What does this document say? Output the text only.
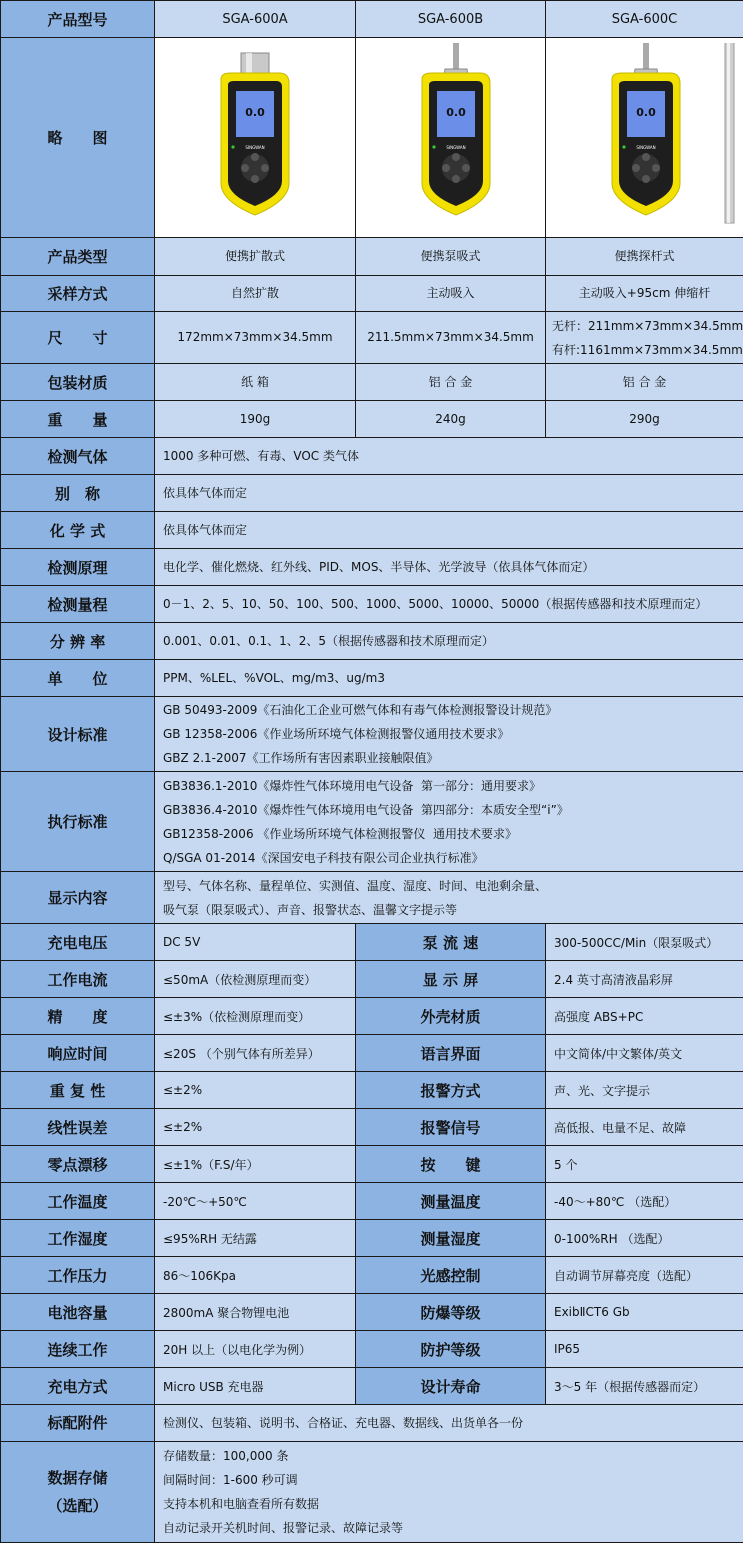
产品型号	SGA-600A	SGA-600B	SGA-600C
略　　图	0.0
SINGWAN	0.0
SINGWAN	0.0
SINGWAN

产品类型	便携扩散式	便携泵吸式	便携探杆式

采样方式	自然扩散	主动吸入	主动吸入+95cm 伸缩杆

尺　　寸	172mm×73mm×34.5mm	211.5mm×73mm×34.5mm	无杆：211mm×73mm×34.5mm
有杆:1161mm×73mm×34.5mm

包装材质	纸 箱	铝 合 金	铝 合 金

重　　量	190g	240g	290g

检测气体	1000 多种可燃、有毒、VOC 类气体		

别　称	依具体气体而定		

化 学 式	依具体气体而定		

检测原理	电化学、催化燃烧、红外线、PID、MOS、半导体、光学波导（依具体气体而定）		

检测量程	0－1、2、5、10、50、100、500、1000、5000、10000、50000（根据传感器和技术原理而定）		

分 辨 率	0.001、0.01、0.1、1、2、5（根据传感器和技术原理而定）		

单　　位	PPM、%LEL、%VOL、mg/m3、ug/m3		

设计标准	GB 50493-2009《石油化工企业可燃气体和有毒气体检测报警设计规范》
GB 12358-2006《作业场所环境气体检测报警仪通用技术要求》
GBZ 2.1-2007《工作场所有害因素职业接触限值》		

执行标准	GB3836.1-2010《爆炸性气体环境用电气设备  第一部分：通用要求》
GB3836.4-2010《爆炸性气体环境用电气设备  第四部分：本质安全型“i”》
GB12358-2006 《作业场所环境气体检测报警仪  通用技术要求》
Q/SGA 01-2014《深国安电子科技有限公司企业执行标准》		

显示内容	型号、气体名称、量程单位、实测值、温度、湿度、时间、电池剩余量、
吸气泵（限泵吸式）、声音、报警状态、温馨文字提示等		

充电电压	DC 5V	泵 流 速	300-500CC/Min（限泵吸式）
工作电流	≤50mA（依检测原理而变）	显 示 屏	2.4 英寸高清液晶彩屏
精　　度	≤±3%（依检测原理而变）	外壳材质	高强度 ABS+PC
响应时间	≤20S （个别气体有所差异）	语言界面	中文简体/中文繁体/英文
重 复 性	≤±2%	报警方式	声、光、文字提示
线性误差	≤±2%	报警信号	高低报、电量不足、故障
零点漂移	≤±1%（F.S/年）	按　　键	5 个
工作温度	-20℃～+50℃	测量温度	-40～+80℃ （选配）
工作湿度	≤95%RH 无结露	测量湿度	0-100%RH （选配）
工作压力	86～106Kpa	光感控制	自动调节屏幕亮度（选配）
电池容量	2800mA 聚合物锂电池	防爆等级	ExibⅡCT6 Gb
连续工作	20H 以上（以电化学为例）	防护等级	IP65
充电方式	Micro USB 充电器	设计寿命	3～5 年（根据传感器而定）
标配附件	检测仪、包装箱、说明书、合格证、充电器、数据线、出货单各一份		

数据存储
（选配）	存储数量：100,000 条
间隔时间：1-600 秒可调
支持本机和电脑查看所有数据
自动记录开关机时间、报警记录、故障记录等		
